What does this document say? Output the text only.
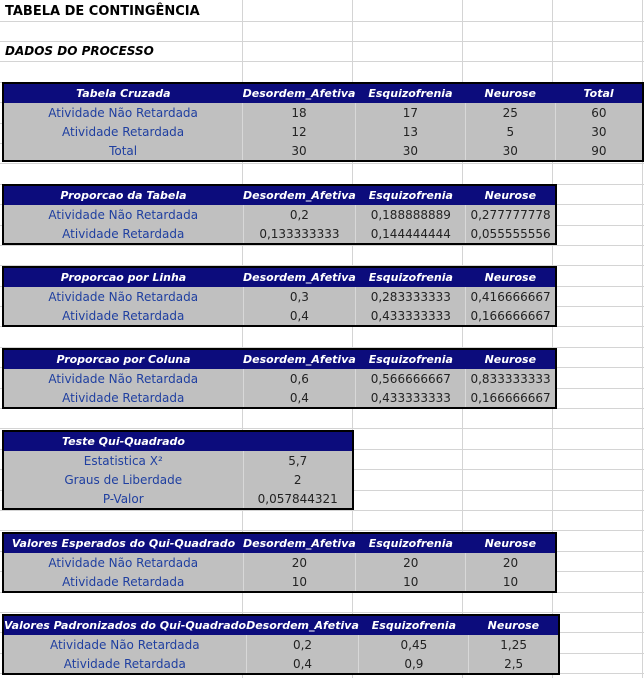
TABELA DE CONTINGÊNCIA
DADOS DO PROCESSO
Tabela Cruzada	Desordem_Afetiva	Esquizofrenia	Neurose	Total
Atividade Não Retardada	18	17	25	60
Atividade Retardada	12	13	5	30
Total	30	30	30	90
Proporcao da Tabela	Desordem_Afetiva	Esquizofrenia	Neurose
Atividade Não Retardada	0,2	0,188888889	0,277777778
Atividade Retardada	0,133333333	0,144444444	0,055555556
Proporcao por Linha	Desordem_Afetiva	Esquizofrenia	Neurose
Atividade Não Retardada	0,3	0,283333333	0,416666667
Atividade Retardada	0,4	0,433333333	0,166666667
Proporcao por Coluna	Desordem_Afetiva	Esquizofrenia	Neurose
Atividade Não Retardada	0,6	0,566666667	0,833333333
Atividade Retardada	0,4	0,433333333	0,166666667
Teste Qui-Quadrado	
Estatistica X²	5,7
Graus de Liberdade	2
P-Valor	0,057844321
Valores Esperados do Qui-Quadrado	Desordem_Afetiva	Esquizofrenia	Neurose
Atividade Não Retardada	20	20	20
Atividade Retardada	10	10	10
Valores Padronizados do Qui-Quadrado	Desordem_Afetiva	Esquizofrenia	Neurose
Atividade Não Retardada	0,2	0,45	1,25
Atividade Retardada	0,4	0,9	2,5
